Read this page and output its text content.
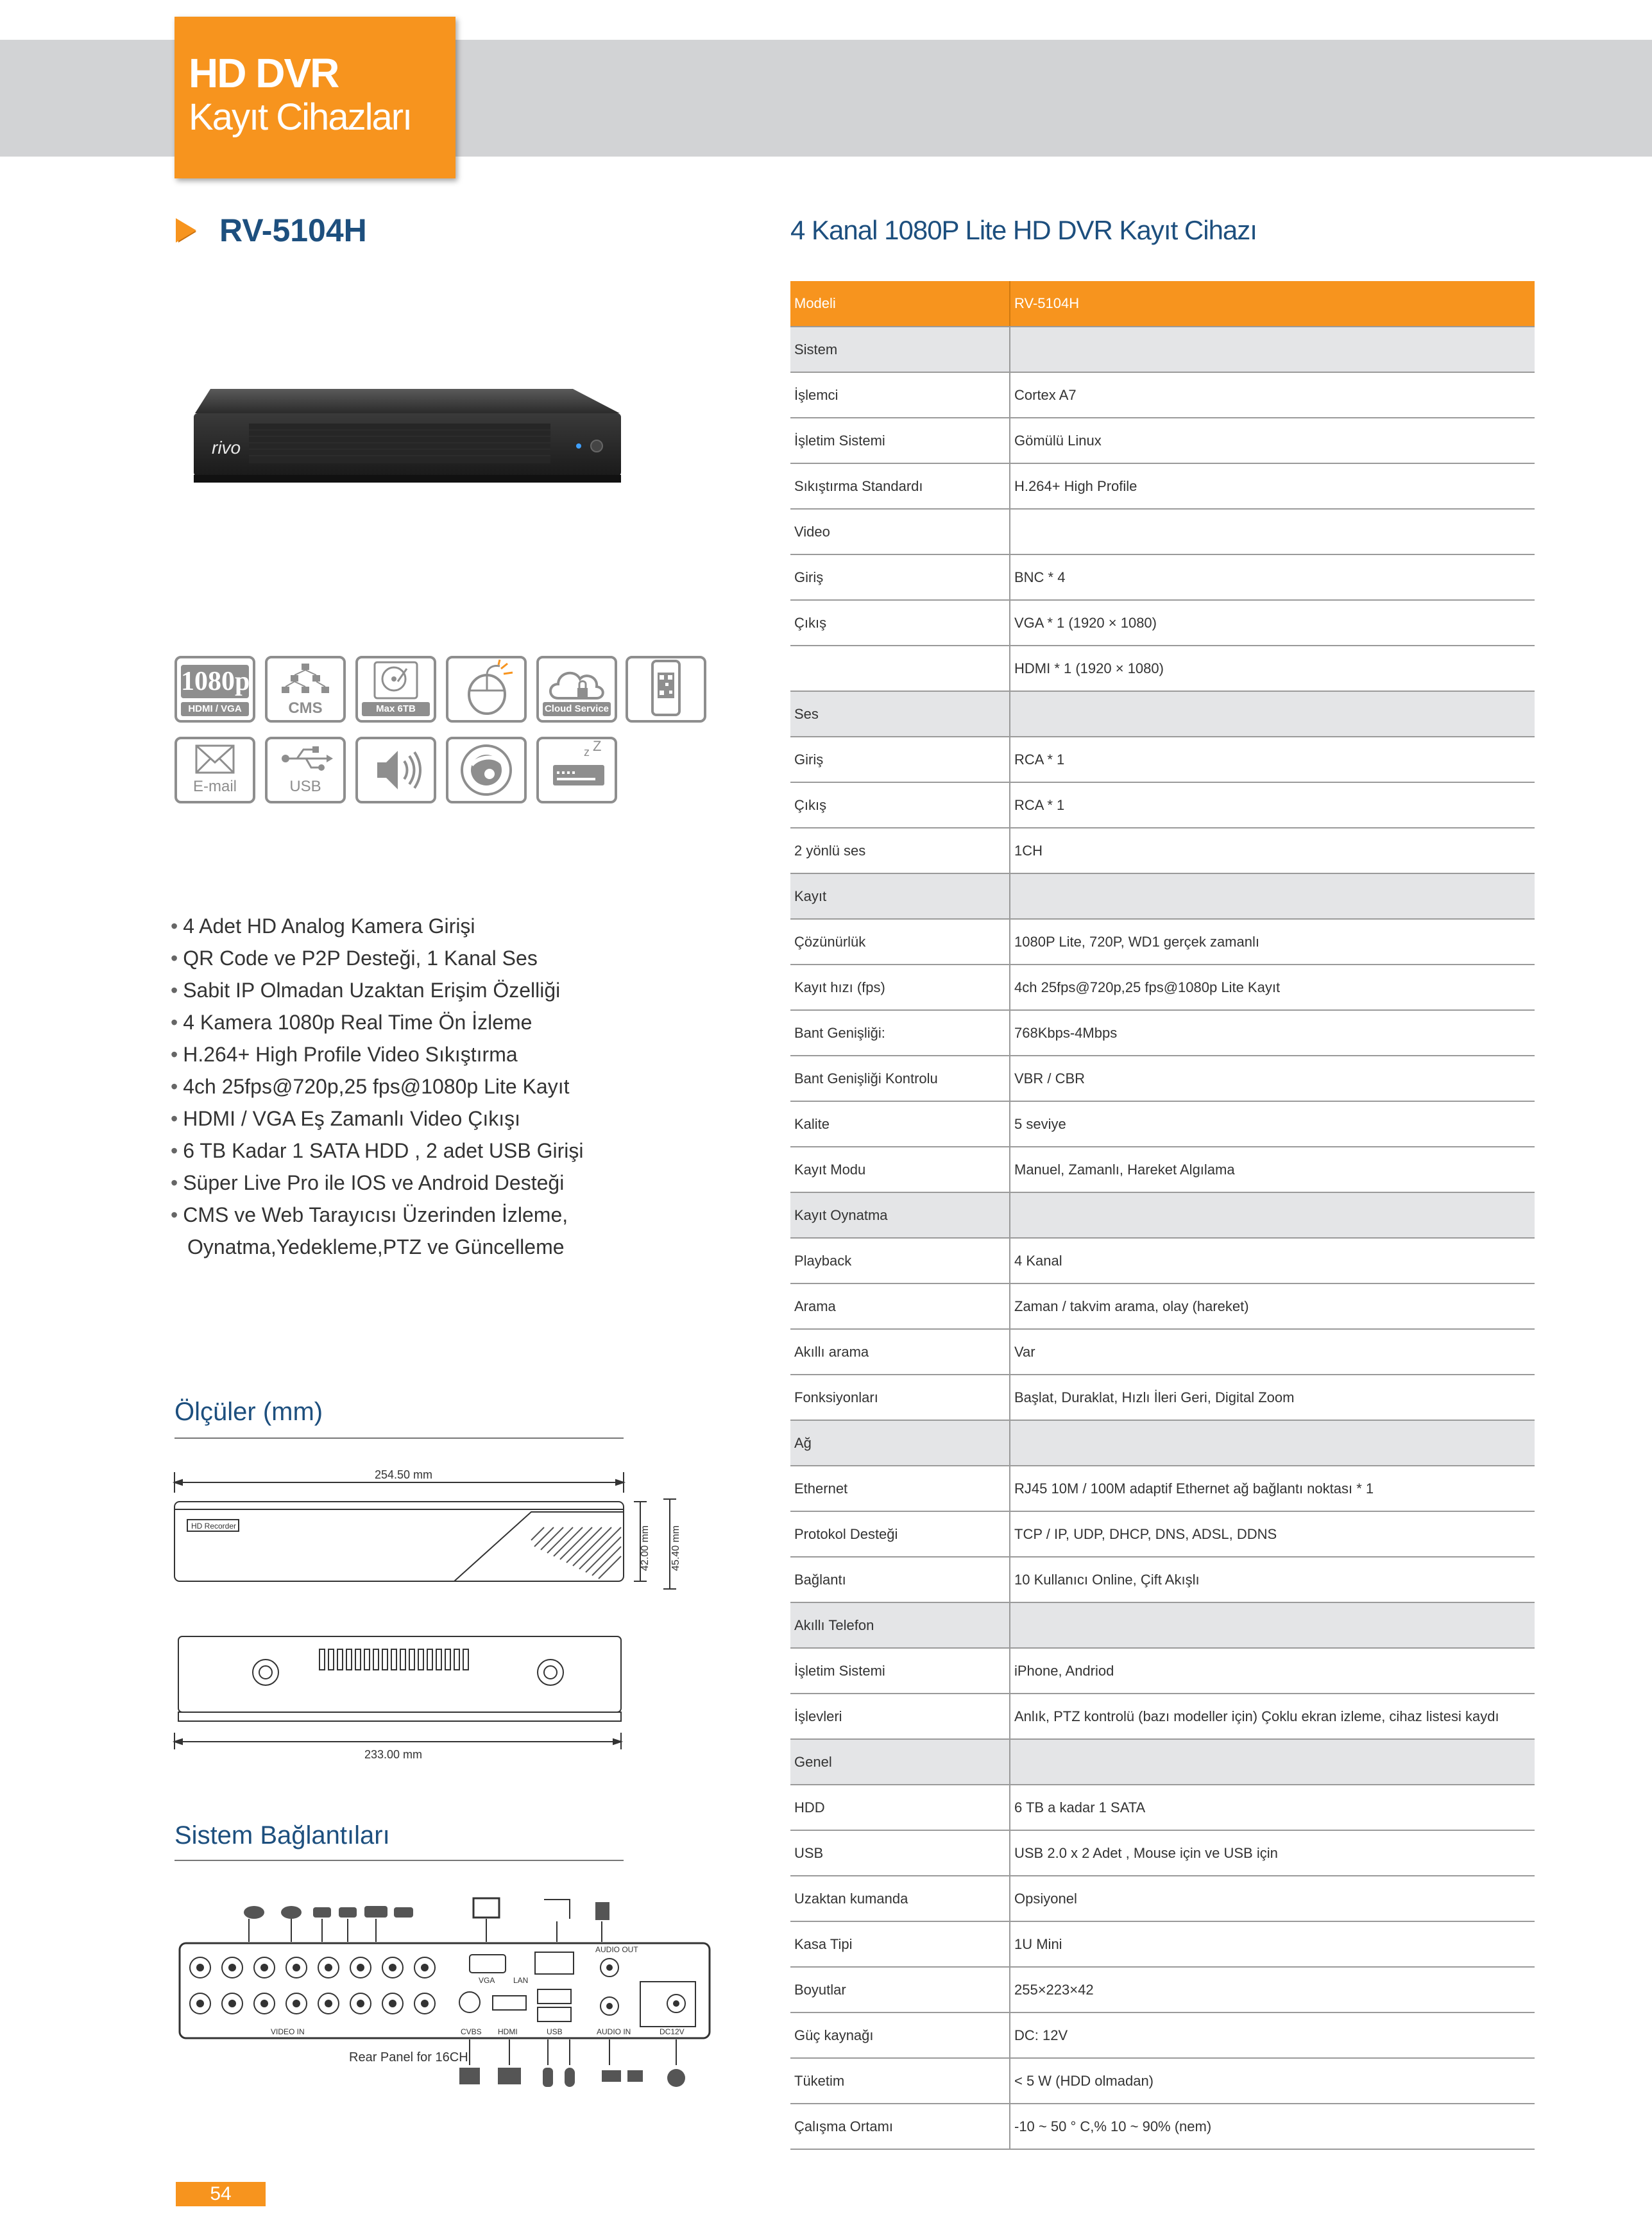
HD DVR
Kayıt Cihazları
RV-5104H	4 Kanal 1080P Lite HD DVR Kayıt Cihazı
rivo
1080p
HDMI / VGA	CMS	Max 6TB	Cloud Service
E-mail	USB
z Z
• 4 Adet HD Analog Kamera Girişi
• QR Code ve P2P Desteği, 1 Kanal Ses
• Sabit IP Olmadan Uzaktan Erişim Özelliği
• 4 Kamera 1080p Real Time Ön İzleme
• H.264+ High Profile Video Sıkıştırma
• 4ch 25fps@720p,25 fps@1080p Lite Kayıt
• HDMI / VGA Eş Zamanlı Video Çıkışı
• 6 TB Kadar 1 SATA HDD , 2 adet USB Girişi
• Süper Live Pro ile IOS ve Android Desteği
• CMS ve Web Tarayıcısı Üzerinden İzleme,
Oynatma,Yedekleme,PTZ ve Güncelleme
Ölçüler (mm)
HD Recorder
254.50 mm
233.00 mm
42.00 mm 45.40 mm
Sistem Bağlantıları
VIDEO IN
VGA LAN
AUDIO OUT
AUDIO IN
CVBS HDMI	USB	DC12V
Rear Panel for 16CH
Modeli	RV-5104H
Sistem	
İşlemci	Cortex A7
İşletim Sistemi	Gömülü Linux
Sıkıştırma Standardı	H.264+ High Profile
Video	
Giriş	BNC * 4
Çıkış	VGA * 1 (1920 × 1080)
	HDMI * 1 (1920 × 1080)
Ses	
Giriş	RCA * 1
Çıkış	RCA * 1
2 yönlü ses	1CH
Kayıt	
Çözünürlük	1080P Lite, 720P, WD1 gerçek zamanlı
Kayıt hızı (fps)	4ch 25fps@720p,25 fps@1080p Lite Kayıt
Bant Genişliği:	768Kbps-4Mbps
Bant Genişliği Kontrolu	VBR / CBR
Kalite	5 seviye
Kayıt Modu	Manuel, Zamanlı, Hareket Algılama
Kayıt Oynatma	
Playback	4 Kanal
Arama	Zaman / takvim arama, olay (hareket)
Akıllı arama	Var
Fonksiyonları	Başlat, Duraklat, Hızlı İleri Geri, Digital Zoom
Ağ	
Ethernet	RJ45 10M / 100M adaptif Ethernet ağ bağlantı noktası * 1
Protokol Desteği	TCP / IP, UDP, DHCP, DNS, ADSL, DDNS
Bağlantı	10 Kullanıcı Online, Çift Akışlı
Akıllı Telefon	
İşletim Sistemi	iPhone, Andriod
İşlevleri	Anlık, PTZ kontrolü (bazı modeller için) Çoklu ekran izleme, cihaz listesi kaydı
Genel	
HDD	6 TB a kadar 1 SATA
USB	USB 2.0 x 2 Adet , Mouse için ve USB için
Uzaktan kumanda	Opsiyonel
Kasa Tipi	1U Mini
Boyutlar	255×223×42
Güç kaynağı	DC: 12V
Tüketim	< 5 W (HDD olmadan)
Çalışma Ortamı	-10 ~ 50 ° C,% 10 ~ 90% (nem)
54
